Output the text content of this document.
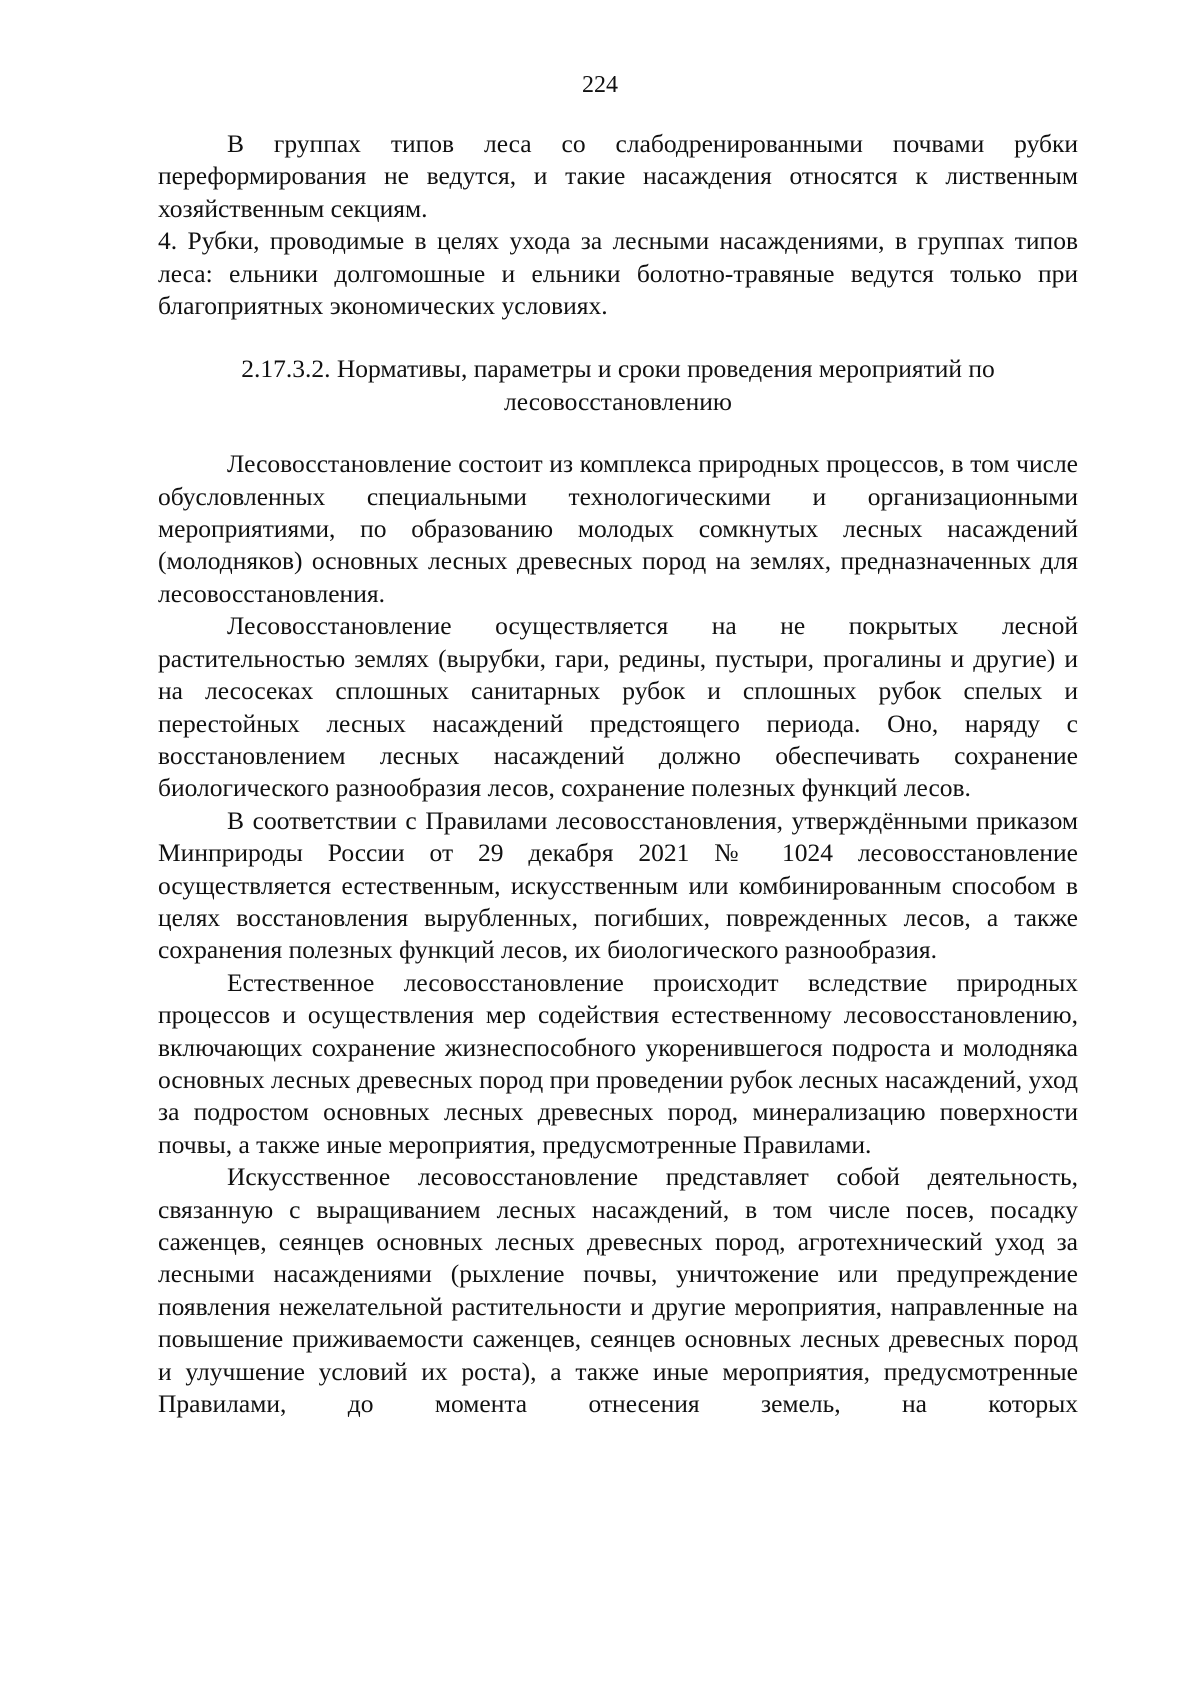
224

В группах типов леса со слабодренированными почвами рубки переформирования не ведутся, и такие насаждения относятся к лиственным хозяйственным секциям.

4. Рубки, проводимые в целях ухода за лесными насаждениями, в группах типов леса: ельники долгомошные и ельники болотно-травяные ведутся только при благоприятных экономических условиях.

2.17.3.2. Нормативы, параметры и сроки проведения мероприятий по
лесовосстановлению

Лесовосстановление состоит из комплекса природных процессов, в том числе обусловленных специальными технологическими и организационными мероприятиями, по образованию молодых сомкнутых лесных насаждений (молодняков) основных лесных древесных пород на землях, предназначенных для лесовосстановления.

Лесовосстановление осуществляется на не покрытых лесной растительностью землях (вырубки, гари, редины, пустыри, прогалины и другие) и на лесосеках сплошных санитарных рубок и сплошных рубок спелых и перестойных лесных насаждений предстоящего периода. Оно, наряду с восстановлением лесных насаждений должно обеспечивать сохранение биологического разнообразия лесов, сохранение полезных функций лесов.

В соответствии с Правилами лесовосстановления, утверждёнными приказом Минприроды России от 29 декабря 2021 № 1024 лесовосстановление осуществляется естественным, искусственным или комбинированным способом в целях восстановления вырубленных, погибших, поврежденных лесов, а также сохранения полезных функций лесов, их биологического разнообразия.

Естественное лесовосстановление происходит вследствие природных процессов и осуществления мер содействия естественному лесовосстановлению, включающих сохранение жизнеспособного укоренившегося подроста и молодняка основных лесных древесных пород при проведении рубок лесных насаждений, уход за подростом основных лесных древесных пород, минерализацию поверхности почвы, а также иные мероприятия, предусмотренные Правилами.

Искусственное лесовосстановление представляет собой деятельность, связанную с выращиванием лесных насаждений, в том числе посев, посадку саженцев, сеянцев основных лесных древесных пород, агротехнический уход за лесными насаждениями (рыхление почвы, уничтожение или предупреждение появления нежелательной растительности и другие мероприятия, направленные на повышение приживаемости саженцев, сеянцев основных лесных древесных пород и улучшение условий их роста), а также иные мероприятия, предусмотренные Правилами, до момента отнесения земель, на которых
